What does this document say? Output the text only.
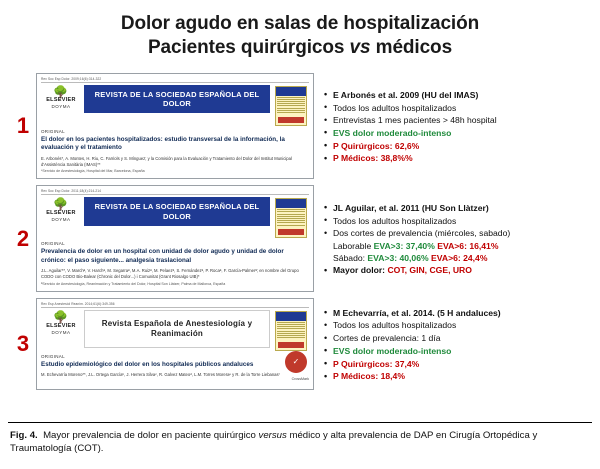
Dolor agudo en salas de hospitalización
Pacientes quirúrgicos vs médicos
1
Rev Soc Esp Dolor. 2009;16(6):314-322
🌳
ELSEVIER
DOYMA
REVISTA DE LA SOCIEDAD ESPAÑOLA DEL DOLOR
ORIGINAL
El dolor en los pacientes hospitalizados: estudio transversal de la información, la evaluación y el tratamiento
E. Arbonés*, A. Montes, H. Riu, C. Farriols y S. Mínguez; y la Comisión para la Evaluación y Tratamiento del Dolor del Institut Municipal d'Assistència Sanitària (IMAS)**
*Servicio de Anestesiología, Hospital del Mar, Barcelona, España
• E Arbonés et al. 2009 (HU del IMAS)
• Todos los adultos hospitalizados
• Entrevistas 1 mes pacientes > 48h hospital
• EVS dolor moderado-intenso
• P Quirúrgicos: 62,6%
• P Médicos: 38,8%%
2
Rev Soc Esp Dolor. 2011;18(4):214-214
🌳
ELSEVIER
DOYMA
REVISTA DE LA SOCIEDAD ESPAÑOLA DEL DOLOR
ORIGINAL
Prevalencia de dolor en un hospital con unidad de dolor agudo y unidad de dolor crónico: el paso siguiente... analgesia traslacional
J.L. Aguilar**, V. Marchª, V. Harchª, M. Segarraª, M.A. Ruizª, M. Pelaezª, S. Fernándezª, P. Rocaª, F. García-Palmerª; en nombre del Grupo CODO con CODO Bio-Balear (Chronic del Dolor...) i Comunitat (Grant Riosalgo UIB)*
ªServicio de Anestesiología, Reanimación y Tratamiento del Dolor, Hospital Son Llàtzer, Palma de Mallorca, España
• JL Aguilar, et al. 2011 (HU Son Llàtzer)
• Todos los adultos hospitalizados
• Dos cortes de prevalencia (miércoles, sabado)
Laborable EVA>3: 37,40% EVA>6: 16,41%
Sábado: EVA>3: 40,06% EVA>6: 24,4%
• Mayor dolor: COT, GIN, CGE, URO
3
Rev Esp Anestesiol Reanim. 2014;61(6):349-356
🌳
ELSEVIER
DOYMA
Revista Española de Anestesiología y Reanimación
ORIGINAL
Estudio epidemiológico del dolor en los hospitales públicos andaluces
M. Echevarría Moreno**, J.L. Ortega Garcíaᵇ, J. Herrera Silvaᶜ, R. Galvez Mateoᵈ, L.M. Torres Moreraᵉ y R. de la Torre Liebanasᶠ
✓
CrossMark
• M Echevarría, et al. 2014. (5 H andaluces)
• Todos los adultos hospitalizados
• Cortes de prevalencia: 1 día
• EVS dolor moderado-intenso
• P Quirúrgicos: 37,4%
• P Médicos: 18,4%
Fig. 4. Mayor prevalencia de dolor en paciente quirúrgico versus médico y alta prevalencia de DAP en Cirugía Ortopédica y Traumatología (COT).
